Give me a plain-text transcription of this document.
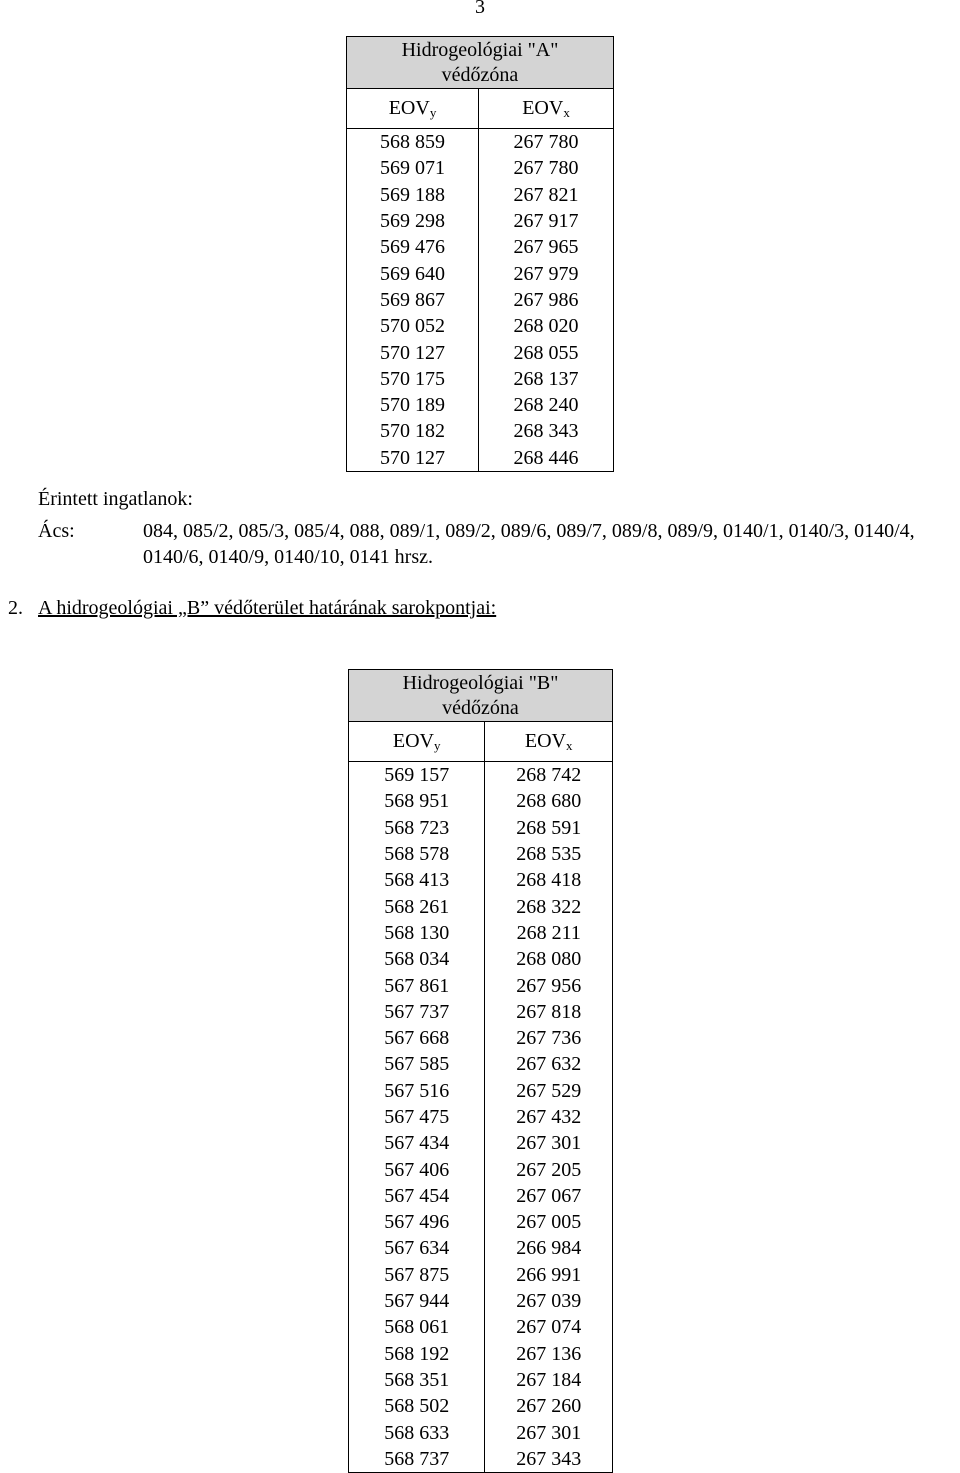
3
Hidrogeológiai "A"
védőzóna	
$EOV_y$	$EOV_x$
568 859	267 780
569 071	267 780
569 188	267 821
569 298	267 917
569 476	267 965
569 640	267 979
569 867	267 986
570 052	268 020
570 127	268 055
570 175	268 137
570 189	268 240
570 182	268 343
570 127	268 446
Érintett ingatlanok:
Ács:	084, 085/2, 085/3, 085/4, 088, 089/1, 089/2, 089/6, 089/7, 089/8, 089/9, 0140/1, 0140/3, 0140/4, 0140/6, 0140/9, 0140/10, 0141 hrsz.
2. A hidrogeológiai „B” védőterület határának sarokpontjai:
Hidrogeológiai "B"
védőzóna	
$EOV_y$	$EOV_x$
569 157	268 742
568 951	268 680
568 723	268 591
568 578	268 535
568 413	268 418
568 261	268 322
568 130	268 211
568 034	268 080
567 861	267 956
567 737	267 818
567 668	267 736
567 585	267 632
567 516	267 529
567 475	267 432
567 434	267 301
567 406	267 205
567 454	267 067
567 496	267 005
567 634	266 984
567 875	266 991
567 944	267 039
568 061	267 074
568 192	267 136
568 351	267 184
568 502	267 260
568 633	267 301
568 737	267 343
